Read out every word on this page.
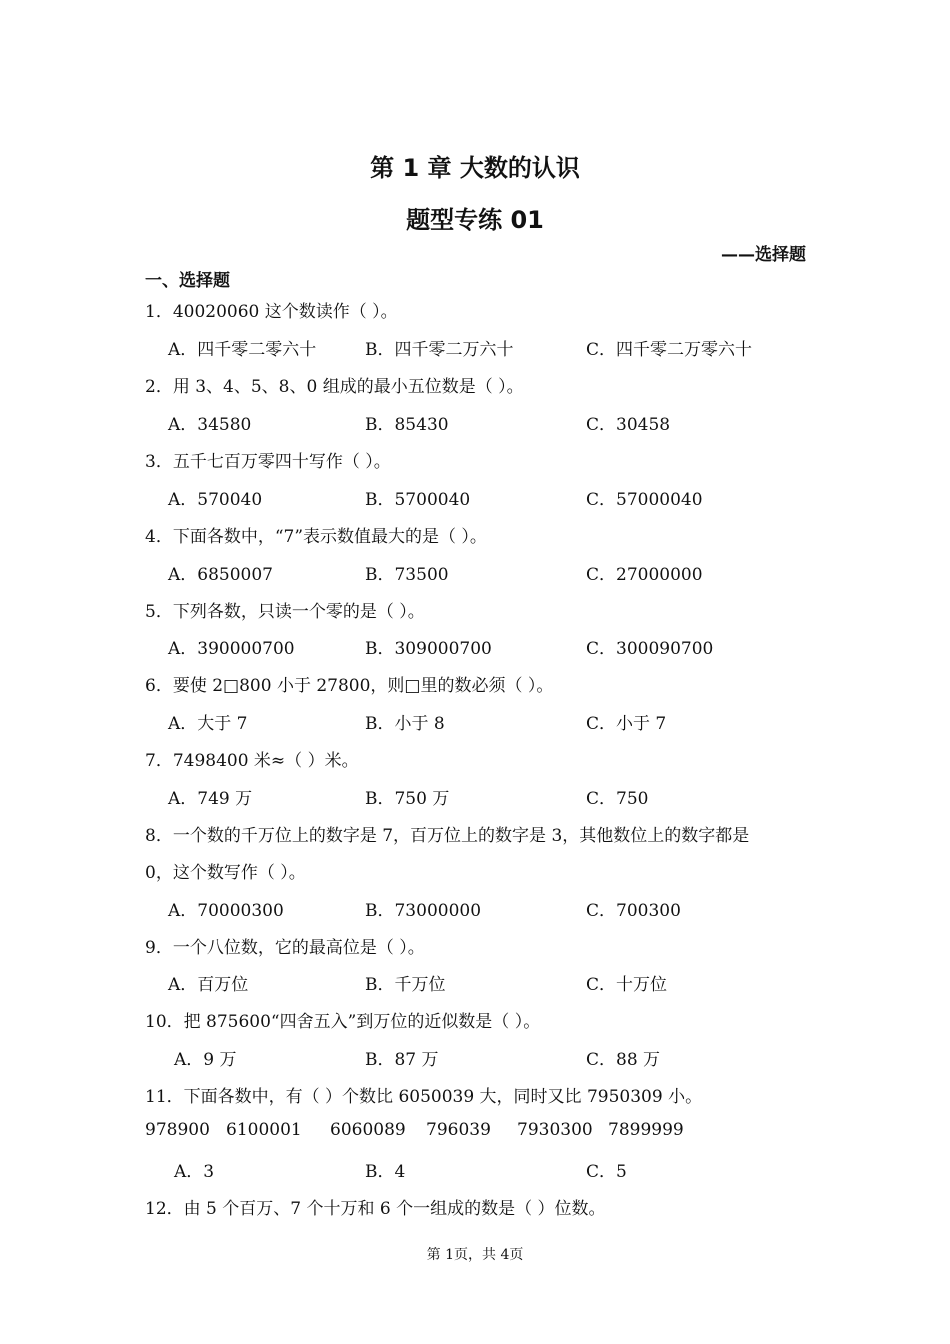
第 1 章 大数的认识
题型专练 01
——选择题
一、选择题
1．40020060 这个数读作（ ）。
A．四千零二零六十	B．四千零二万六十	C．四千零二万零六十
2．用 3、4、5、8、0 组成的最小五位数是（ ）。
A．34580	B．85430	C．30458
3．五千七百万零四十写作（ ）。
A．570040	B．5700040	C．57000040
4．下面各数中，“7”表示数值最大的是（ ）。
A．6850007	B．73500	C．27000000
5．下列各数，只读一个零的是（ ）。
A．390000700	B．309000700	C．300090700
6．要使 2□800 小于 27800，则□里的数必须（ ）。
A．大于 7	B．小于 8	C．小于 7
7．7498400 米≈（ ）米。
A．749 万	B．750 万	C．750
8．一个数的千万位上的数字是 7，百万位上的数字是 3，其他数位上的数字都是
0，这个数写作（ ）。
A．70000300	B．73000000	C．700300
9．一个八位数，它的最高位是（ ）。
A．百万位	B．千万位	C．十万位
10．把 875600“四舍五入”到万位的近似数是（ ）。
A．9 万	B．87 万	C．88 万
11．下面各数中，有（ ）个数比 6050039 大，同时又比 7950309 小。
978900 6100001 6060089 796039 7930300 7899999
A．3	B．4	C．5
12．由 5 个百万、7 个十万和 6 个一组成的数是（ ）位数。
第 1页，共 4页
